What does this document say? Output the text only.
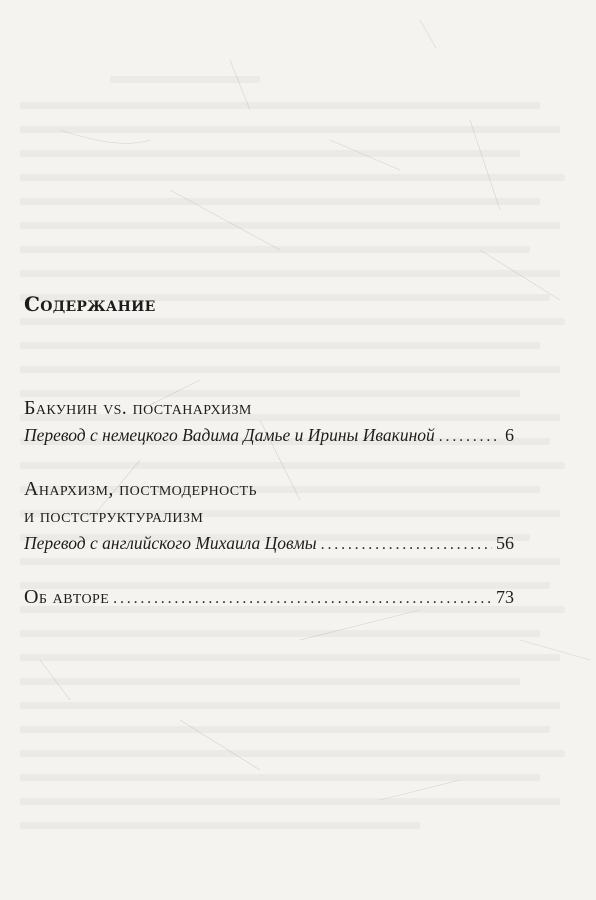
Содержание
Бакунин vs. постанархизм
Перевод с немецкого Вадима Дамье и Ирины Ивакиной . . .	6
Анархизм, постмодерность
и постструктурализм
Перевод с английского Михаила Цовмы . . .	56
Об авторе . . .	73
